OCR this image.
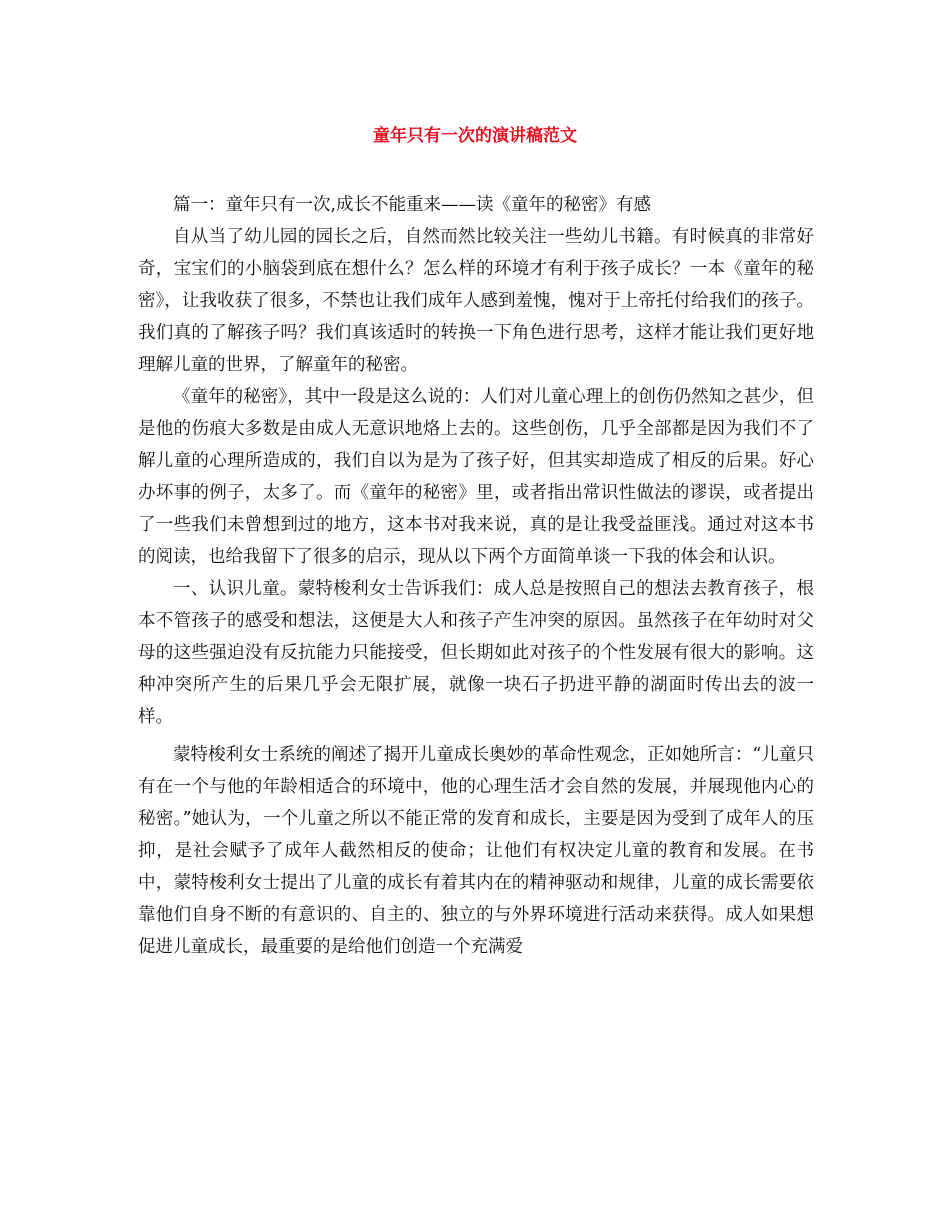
童年只有一次的演讲稿范文

篇一：童年只有一次,成长不能重来——读《童年的秘密》有感

自从当了幼儿园的园长之后，自然而然比较关注一些幼儿书籍。有时候真的非常好奇，宝宝们的小脑袋到底在想什么？怎么样的环境才有利于孩子成长？一本《童年的秘密》，让我收获了很多，不禁也让我们成年人感到羞愧，愧对于上帝托付给我们的孩子。我们真的了解孩子吗？我们真该适时的转换一下角色进行思考，这样才能让我们更好地理解儿童的世界，了解童年的秘密。

《童年的秘密》，其中一段是这么说的：人们对儿童心理上的创伤仍然知之甚少，但是他的伤痕大多数是由成人无意识地烙上去的。这些创伤，几乎全部都是因为我们不了解儿童的心理所造成的，我们自以为是为了孩子好，但其实却造成了相反的后果。好心办坏事的例子，太多了。而《童年的秘密》里，或者指出常识性做法的谬误，或者提出了一些我们未曾想到过的地方，这本书对我来说，真的是让我受益匪浅。通过对这本书的阅读，也给我留下了很多的启示，现从以下两个方面简单谈一下我的体会和认识。

一、认识儿童。蒙特梭利女士告诉我们：成人总是按照自己的想法去教育孩子，根本不管孩子的感受和想法，这便是大人和孩子产生冲突的原因。虽然孩子在年幼时对父母的这些强迫没有反抗能力只能接受，但长期如此对孩子的个性发展有很大的影响。这种冲突所产生的后果几乎会无限扩展，就像一块石子扔进平静的湖面时传出去的波一样。

蒙特梭利女士系统的阐述了揭开儿童成长奥妙的革命性观念，正如她所言：“儿童只有在一个与他的年龄相适合的环境中，他的心理生活才会自然的发展，并展现他内心的秘密。”她认为，一个儿童之所以不能正常的发育和成长，主要是因为受到了成年人的压抑，是社会赋予了成年人截然相反的使命；让他们有权决定儿童的教育和发展。在书中，蒙特梭利女士提出了儿童的成长有着其内在的精神驱动和规律，儿童的成长需要依靠他们自身不断的有意识的、自主的、独立的与外界环境进行活动来获得。成人如果想促进儿童成长，最重要的是给他们创造一个充满爱
